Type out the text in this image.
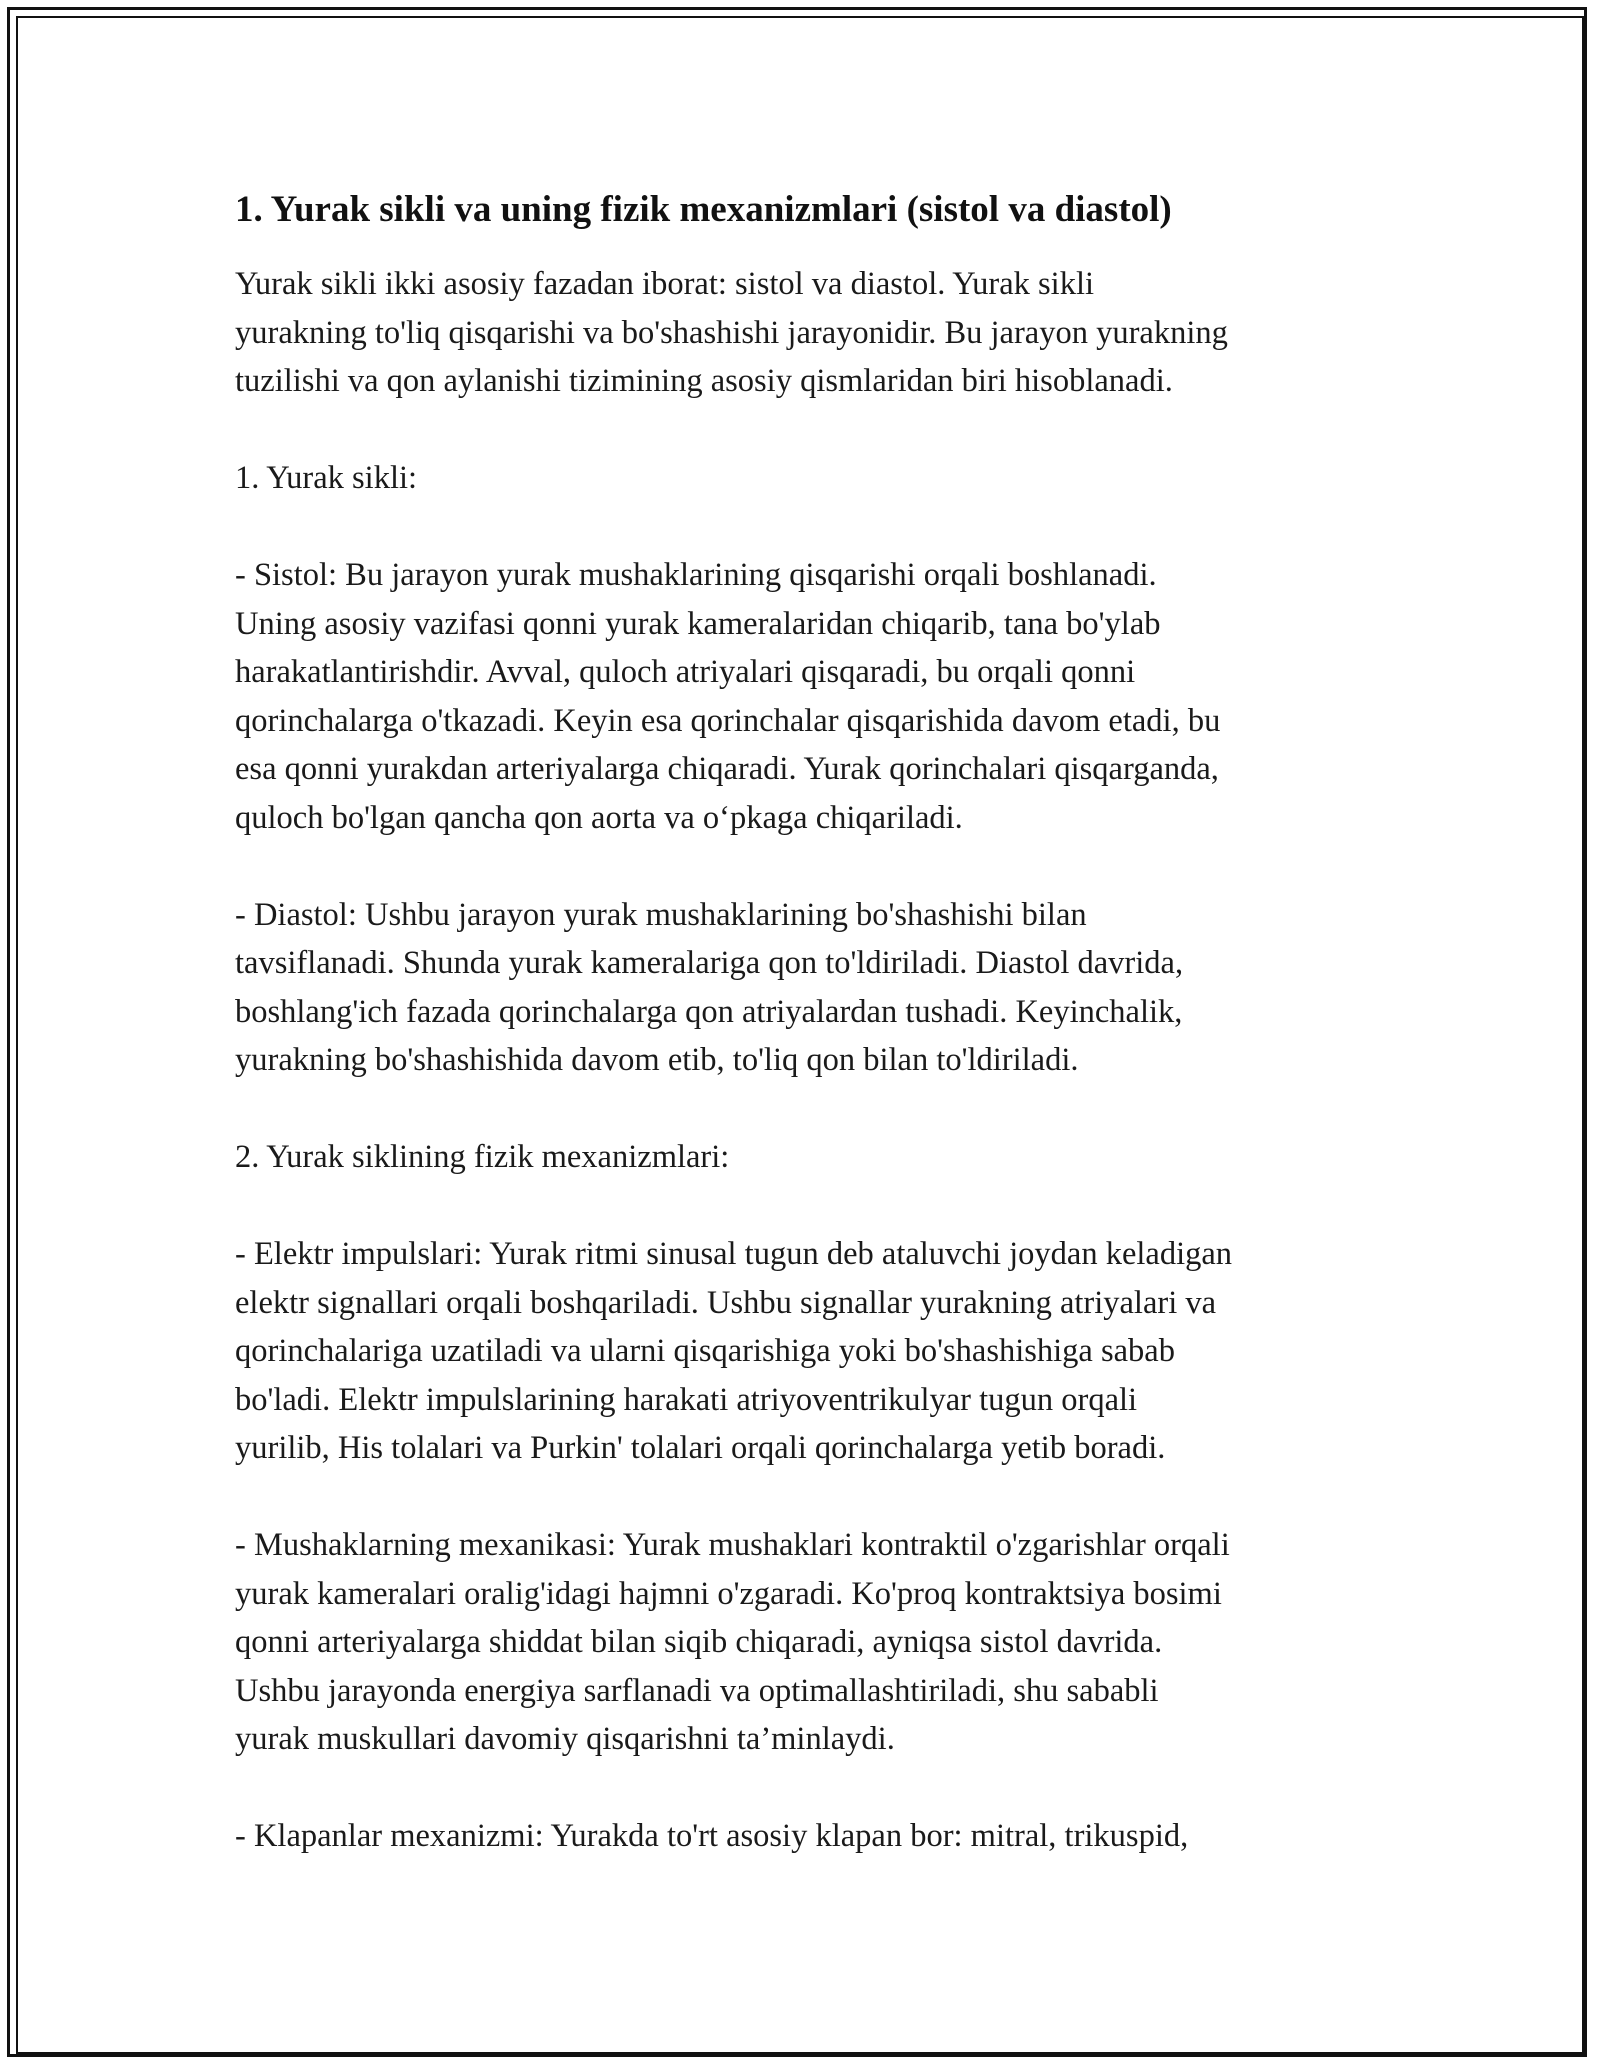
1. Yurak sikli va uning fizik mexanizmlari (sistol va diastol)
Yurak sikli ikki asosiy fazadan iborat: sistol va diastol. Yurak sikli
yurakning to'liq qisqarishi va bo'shashishi jarayonidir. Bu jarayon yurakning
tuzilishi va qon aylanishi tizimining asosiy qismlaridan biri hisoblanadi.
1. Yurak sikli:
- Sistol: Bu jarayon yurak mushaklarining qisqarishi orqali boshlanadi.
Uning asosiy vazifasi qonni yurak kameralaridan chiqarib, tana bo'ylab
harakatlantirishdir. Avval, quloch atriyalari qisqaradi, bu orqali qonni
qorinchalarga o'tkazadi. Keyin esa qorinchalar qisqarishida davom etadi, bu
esa qonni yurakdan arteriyalarga chiqaradi. Yurak qorinchalari qisqarganda,
quloch bo'lgan qancha qon aorta va o‘pkaga chiqariladi.
- Diastol: Ushbu jarayon yurak mushaklarining bo'shashishi bilan
tavsiflanadi. Shunda yurak kameralariga qon to'ldiriladi. Diastol davrida,
boshlang'ich fazada qorinchalarga qon atriyalardan tushadi. Keyinchalik,
yurakning bo'shashishida davom etib, to'liq qon bilan to'ldiriladi.
2. Yurak siklining fizik mexanizmlari:
- Elektr impulslari: Yurak ritmi sinusal tugun deb ataluvchi joydan keladigan
elektr signallari orqali boshqariladi. Ushbu signallar yurakning atriyalari va
qorinchalariga uzatiladi va ularni qisqarishiga yoki bo'shashishiga sabab
bo'ladi. Elektr impulslarining harakati atriyoventrikulyar tugun orqali
yurilib, His tolalari va Purkin' tolalari orqali qorinchalarga yetib boradi.
- Mushaklarning mexanikasi: Yurak mushaklari kontraktil o'zgarishlar orqali
yurak kameralari oralig'idagi hajmni o'zgaradi. Ko'proq kontraktsiya bosimi
qonni arteriyalarga shiddat bilan siqib chiqaradi, ayniqsa sistol davrida.
Ushbu jarayonda energiya sarflanadi va optimallashtiriladi, shu sababli
yurak muskullari davomiy qisqarishni ta’minlaydi.
- Klapanlar mexanizmi: Yurakda to'rt asosiy klapan bor: mitral, trikuspid,
